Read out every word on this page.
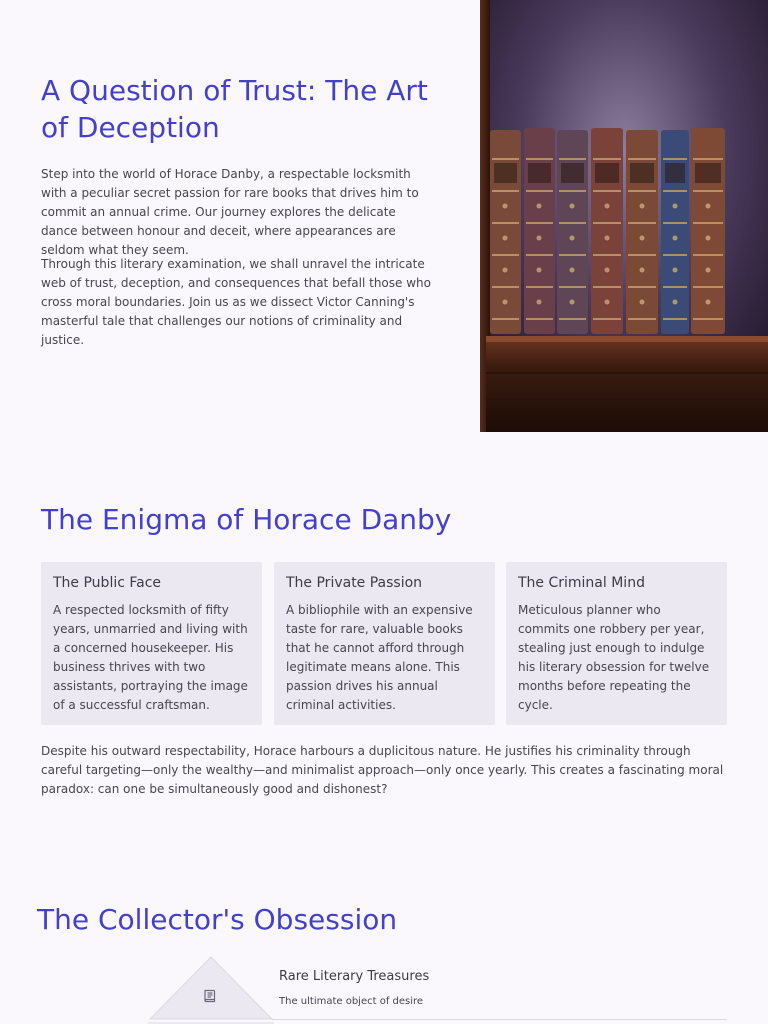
A Question of Trust: The Art of Deception

Step into the world of Horace Danby, a respectable locksmith with a peculiar secret passion for rare books that drives him to commit an annual crime. Our journey explores the delicate dance between honour and deceit, where appearances are seldom what they seem.

Through this literary examination, we shall unravel the intricate web of trust, deception, and consequences that befall those who cross moral boundaries. Join us as we dissect Victor Canning's masterful tale that challenges our notions of criminality and justice.

The Enigma of Horace Danby
The Public Face

A respected locksmith of fifty years, unmarried and living with a concerned housekeeper. His business thrives with two assistants, portraying the image of a successful craftsman.

The Private Passion

A bibliophile with an expensive taste for rare, valuable books that he cannot afford through legitimate means alone. This passion drives his annual criminal activities.

The Criminal Mind

Meticulous planner who commits one robbery per year, stealing just enough to indulge his literary obsession for twelve months before repeating the cycle.

Despite his outward respectability, Horace harbours a duplicitous nature. He justifies his criminality through careful targeting—only the wealthy—and minimalist approach—only once yearly. This creates a fascinating moral paradox: can one be simultaneously good and dishonest?

The Collector's Obsession
Rare Literary Treasures
The ultimate object of desire
